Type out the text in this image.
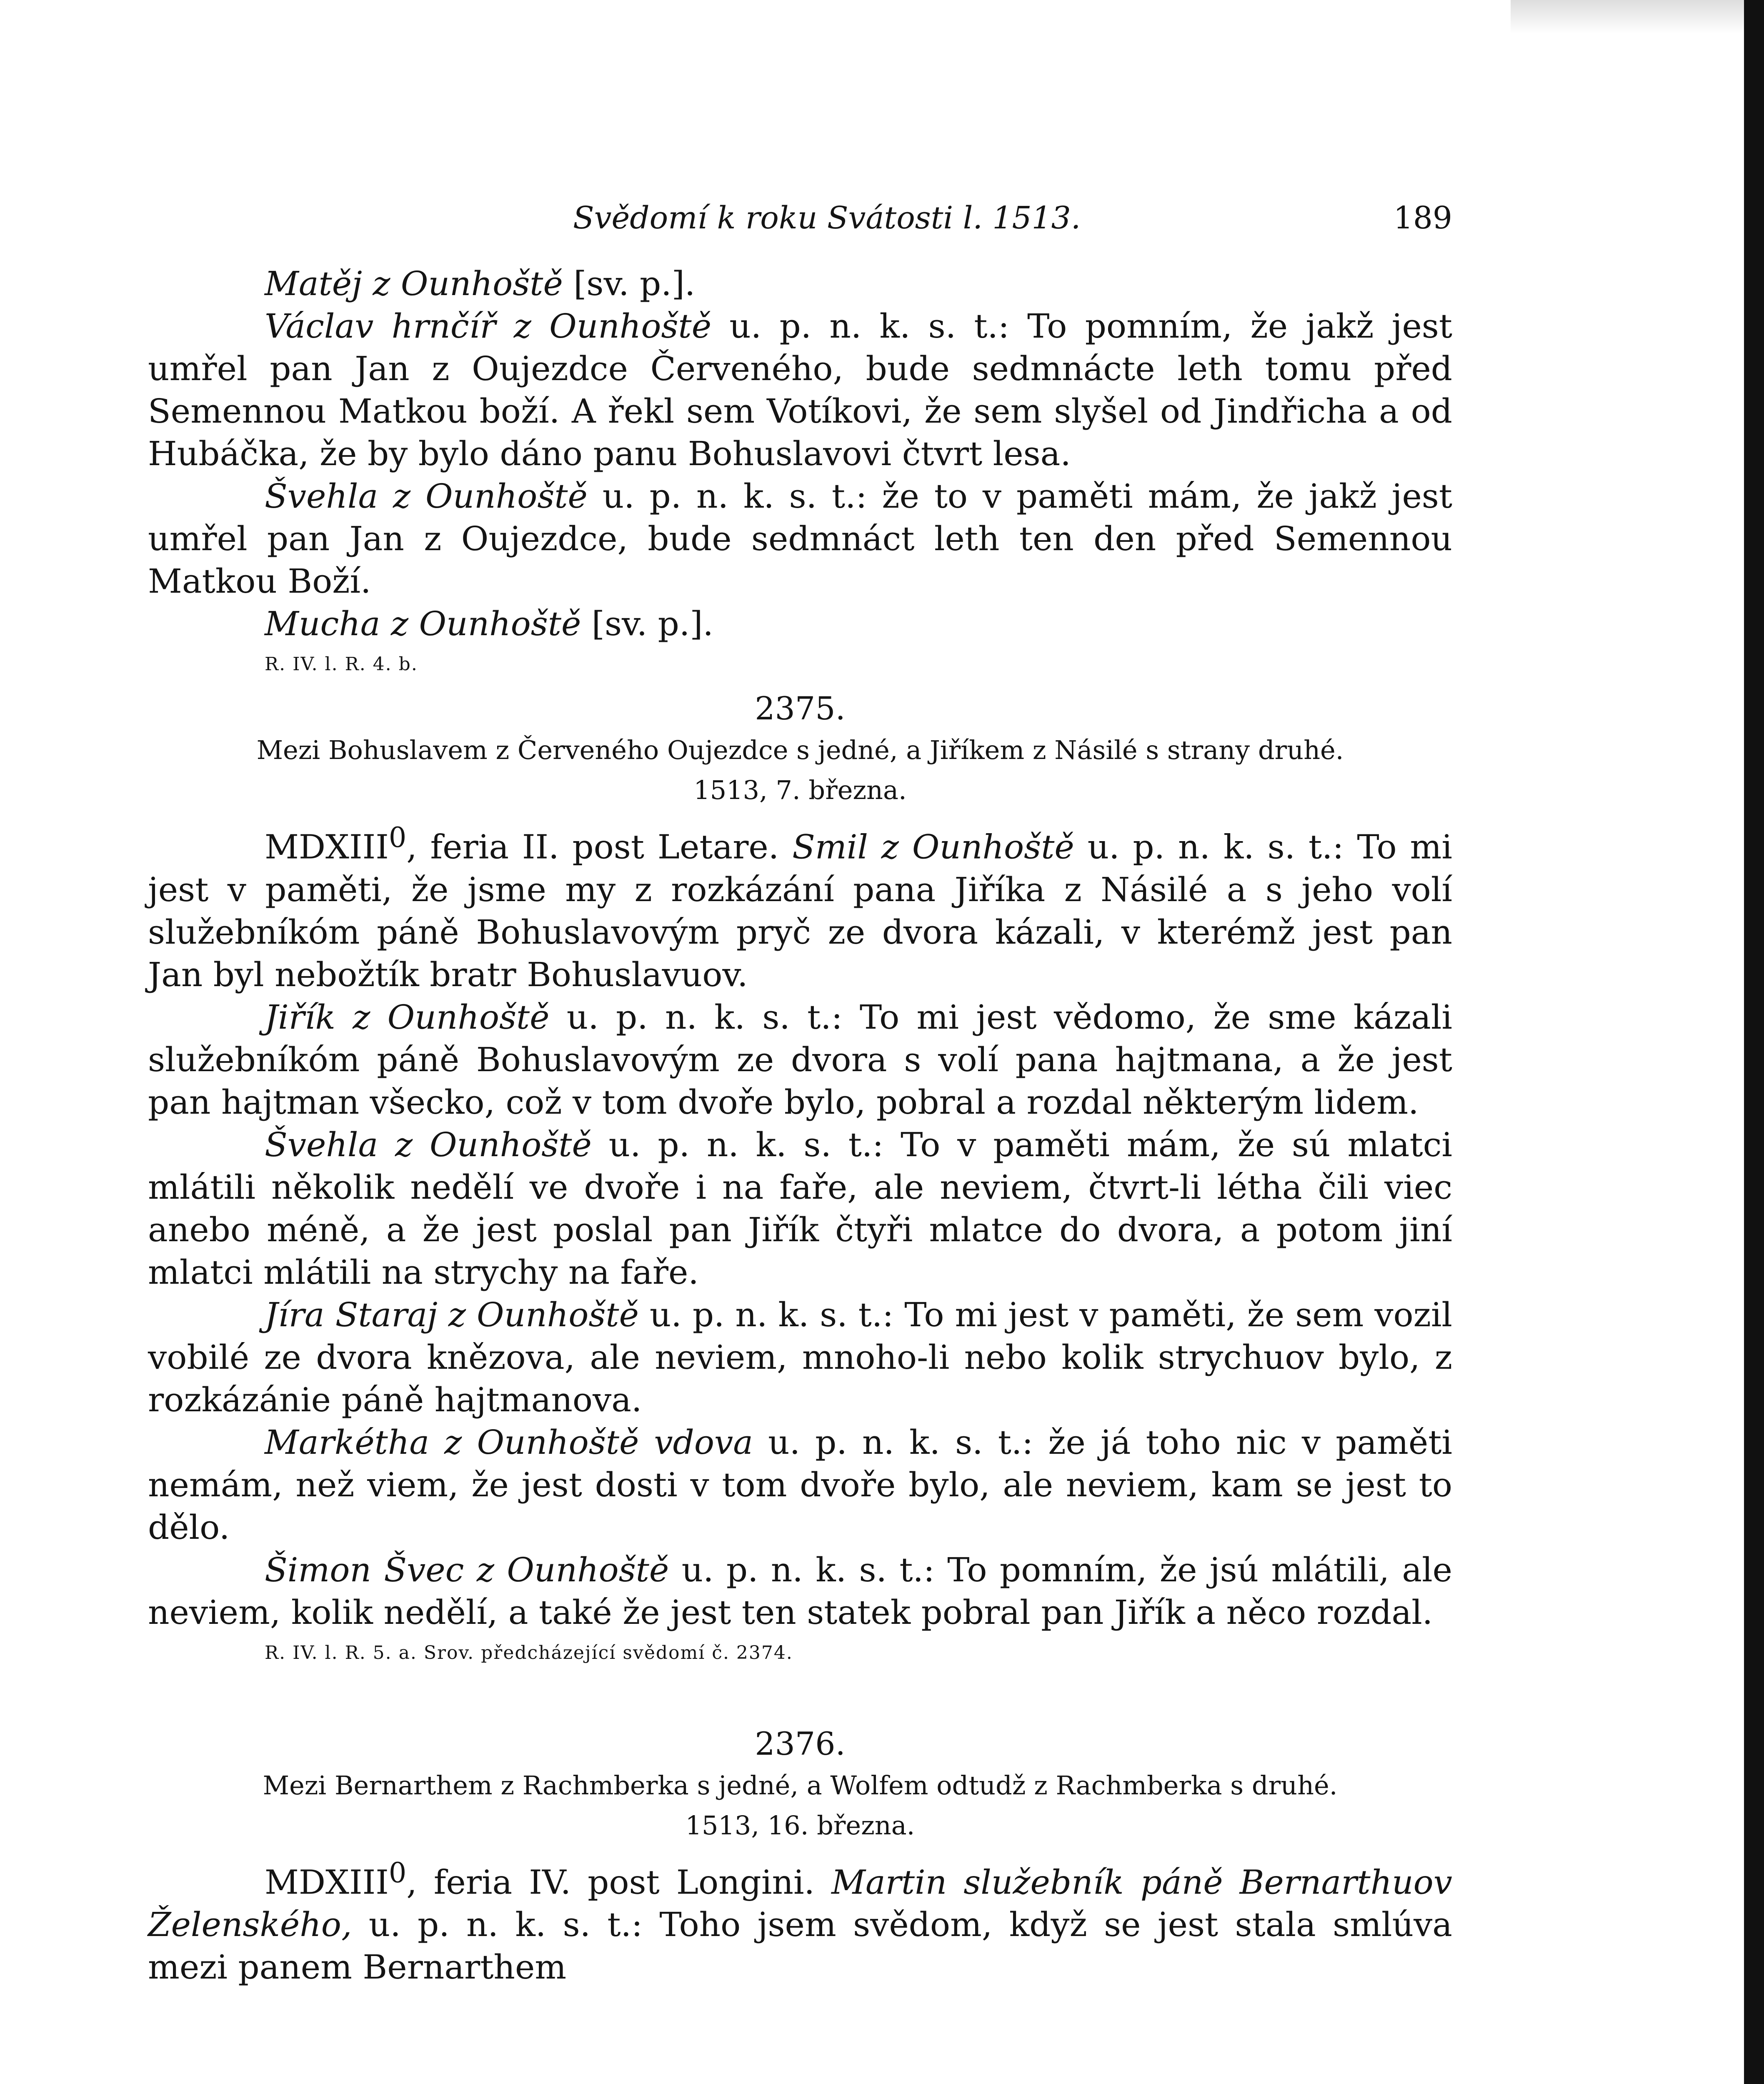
Svědomí k roku Svátosti l. 1513.	189

Matěj z Ounhoště [sv. p.].

Václav hrnčíř z Ounhoště u. p. n. k. s. t.: To pomním, že jakž jest umřel pan Jan z Oujezdce Červeného, bude sedmnácte leth tomu před Semennou Matkou boží. A řekl sem Votíkovi, že sem slyšel od Jindřicha a od Hubáčka, že by bylo dáno panu Bohuslavovi čtvrt lesa.

Švehla z Ounhoště u. p. n. k. s. t.: že to v paměti mám, že jakž jest umřel pan Jan z Oujezdce, bude sedmnáct leth ten den před Semennou Matkou Boží.

Mucha z Ounhoště [sv. p.].

R. IV. l. R. 4. b.
2375.
Mezi Bohuslavem z Červeného Oujezdce s jedné, a Jiříkem z Násilé s strany druhé.
1513, 7. března.

MDXIII$^0$, feria II. post Letare. Smil z Ounhoště u. p. n. k. s. t.: To mi jest v paměti, že jsme my z rozkázání pana Jiříka z Násilé a s jeho volí služebníkóm páně Bohuslavovým pryč ze dvora kázali, v kterémž jest pan Jan byl nebožtík bratr Bohuslavuov.

Jiřík z Ounhoště u. p. n. k. s. t.: To mi jest vědomo, že sme kázali služebníkóm páně Bohuslavovým ze dvora s volí pana hajtmana, a že jest pan hajtman všecko, což v tom dvoře bylo, pobral a rozdal některým lidem.

Švehla z Ounhoště u. p. n. k. s. t.: To v paměti mám, že sú mlatci mlátili několik nedělí ve dvoře i na faře, ale neviem, čtvrt-li létha čili viec anebo méně, a že jest poslal pan Jiřík čtyři mlatce do dvora, a potom jiní mlatci mlátili na strychy na faře.

Jíra Staraj z Ounhoště u. p. n. k. s. t.: To mi jest v paměti, že sem vozil vobilé ze dvora knězova, ale neviem, mnoho-li nebo kolik strychuov bylo, z rozkázánie páně hajtmanova.

Markétha z Ounhoště vdova u. p. n. k. s. t.: že já toho nic v paměti nemám, než viem, že jest dosti v tom dvoře bylo, ale neviem, kam se jest to dělo.

Šimon Švec z Ounhoště u. p. n. k. s. t.: To pomním, že jsú mlátili, ale neviem, kolik nedělí, a také že jest ten statek pobral pan Jiřík a něco rozdal.

R. IV. l. R. 5. a. Srov. předcházející svědomí č. 2374.
2376.
Mezi Bernarthem z Rachmberka s jedné, a Wolfem odtudž z Rachmberka s druhé.
1513, 16. března.

MDXIII$^0$, feria IV. post Longini. Martin služebník páně Bernarthuov Želenského, u. p. n. k. s. t.: Toho jsem svědom, když se jest stala smlúva mezi panem Bernarthem
